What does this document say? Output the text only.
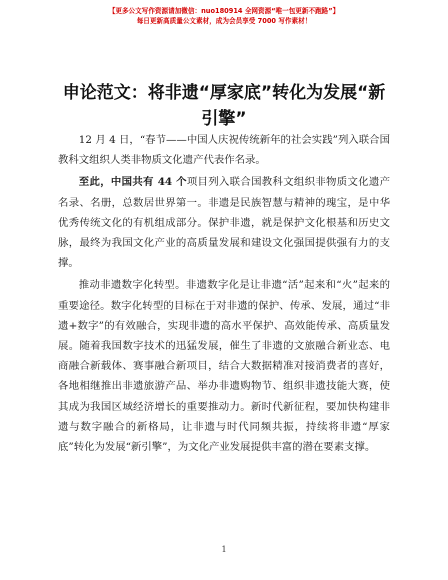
【更多公文写作资源请加微信：nuo180914 全网资源“唯一包更新不跑路”】
每日更新高质量公文素材，成为会员享受 7000 写作素材！
申论范文：将非遗“厚家底”转化为发展“新引擎”

12 月 4 日，“春节——中国人庆祝传统新年的社会实践”列入联合国教科文组织人类非物质文化遗产代表作名录。

至此，中国共有 44 个项目列入联合国教科文组织非物质文化遗产名录、名册，总数居世界第一。非遗是民族智慧与精神的瑰宝，是中华优秀传统文化的有机组成部分。保护非遗，就是保护文化根基和历史文脉，最终为我国文化产业的高质量发展和建设文化强国提供强有力的支撑。

推动非遗数字化转型。非遗数字化是让非遗“活”起来和“火”起来的重要途径。数字化转型的目标在于对非遗的保护、传承、发展，通过“非遗+数字”的有效融合，实现非遗的高水平保护、高效能传承、高质量发展。随着我国数字技术的迅猛发展，催生了非遗的文旅融合新业态、电商融合新载体、赛事融合新项目，结合大数据精准对接消费者的喜好，各地相继推出非遗旅游产品、举办非遗购物节、组织非遗技能大赛，使其成为我国区域经济增长的重要推动力。新时代新征程，要加快构建非遗与数字融合的新格局，让非遗与时代同频共振，持续将非遗“厚家底”转化为发展“新引擎”，为文化产业发展提供丰富的潜在要素支撑。

1
